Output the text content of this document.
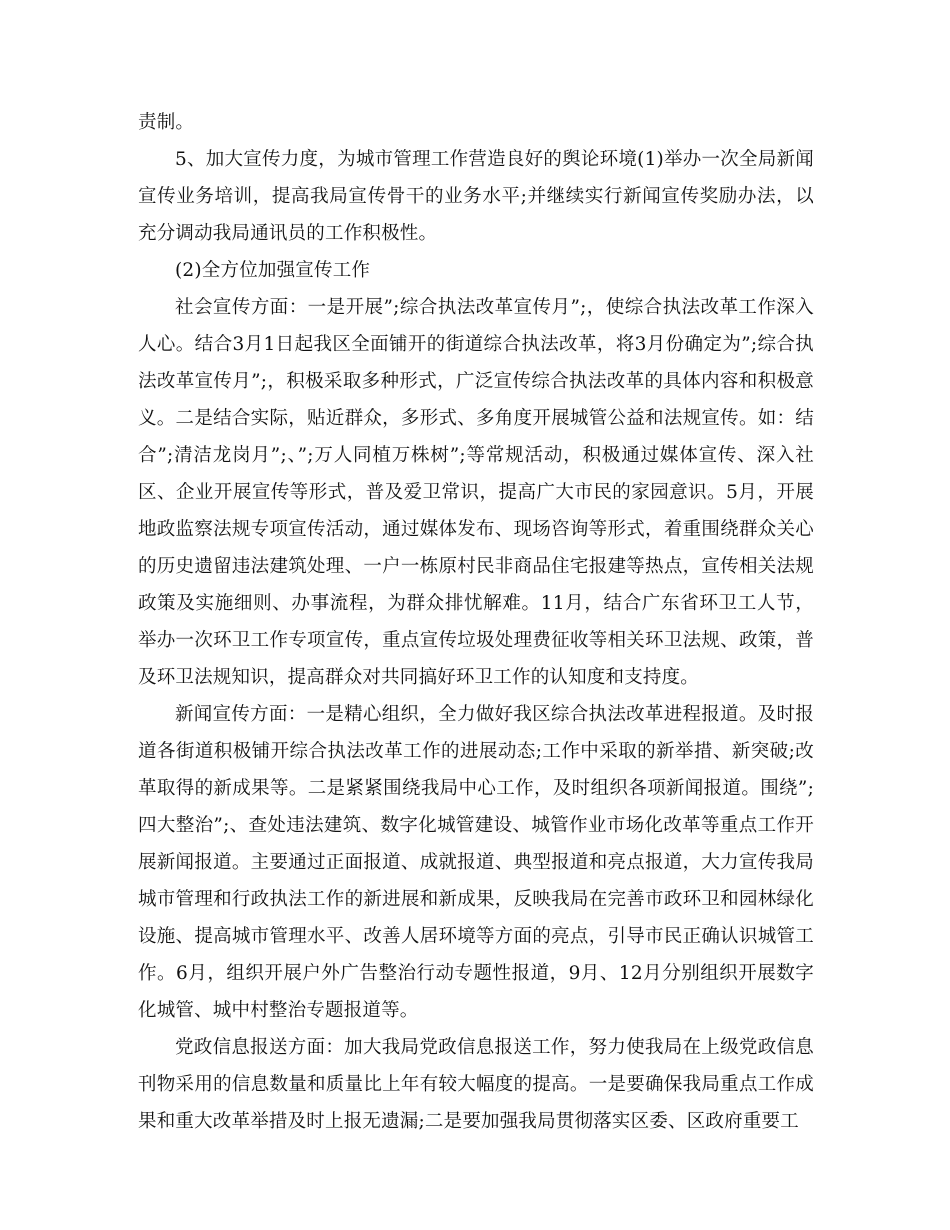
责制。

5、加大宣传力度，为城市管理工作营造良好的舆论环境(1)举办一次全局新闻宣传业务培训，提高我局宣传骨干的业务水平;并继续实行新闻宣传奖励办法，以充分调动我局通讯员的工作积极性。

(2)全方位加强宣传工作

社会宣传方面：一是开展”;综合执法改革宣传月”;，使综合执法改革工作深入人心。结合3月1日起我区全面铺开的街道综合执法改革，将3月份确定为”;综合执法改革宣传月”;，积极采取多种形式，广泛宣传综合执法改革的具体内容和积极意义。二是结合实际，贴近群众，多形式、多角度开展城管公益和法规宣传。如：结合”;清洁龙岗月”;、”;万人同植万株树”;等常规活动，积极通过媒体宣传、深入社区、企业开展宣传等形式，普及爱卫常识，提高广大市民的家园意识。5月，开展地政监察法规专项宣传活动，通过媒体发布、现场咨询等形式，着重围绕群众关心的历史遗留违法建筑处理、一户一栋原村民非商品住宅报建等热点，宣传相关法规政策及实施细则、办事流程，为群众排忧解难。11月，结合广东省环卫工人节，举办一次环卫工作专项宣传，重点宣传垃圾处理费征收等相关环卫法规、政策，普及环卫法规知识，提高群众对共同搞好环卫工作的认知度和支持度。

新闻宣传方面：一是精心组织，全力做好我区综合执法改革进程报道。及时报道各街道积极铺开综合执法改革工作的进展动态;工作中采取的新举措、新突破;改革取得的新成果等。二是紧紧围绕我局中心工作，及时组织各项新闻报道。围绕”;四大整治”;、查处违法建筑、数字化城管建设、城管作业市场化改革等重点工作开展新闻报道。主要通过正面报道、成就报道、典型报道和亮点报道，大力宣传我局城市管理和行政执法工作的新进展和新成果，反映我局在完善市政环卫和园林绿化设施、提高城市管理水平、改善人居环境等方面的亮点，引导市民正确认识城管工作。6月，组织开展户外广告整治行动专题性报道，9月、12月分别组织开展数字化城管、城中村整治专题报道等。

党政信息报送方面：加大我局党政信息报送工作，努力使我局在上级党政信息刊物采用的信息数量和质量比上年有较大幅度的提高。一是要确保我局重点工作成果和重大改革举措及时上报无遗漏;二是要加强我局贯彻落实区委、区政府重要工
